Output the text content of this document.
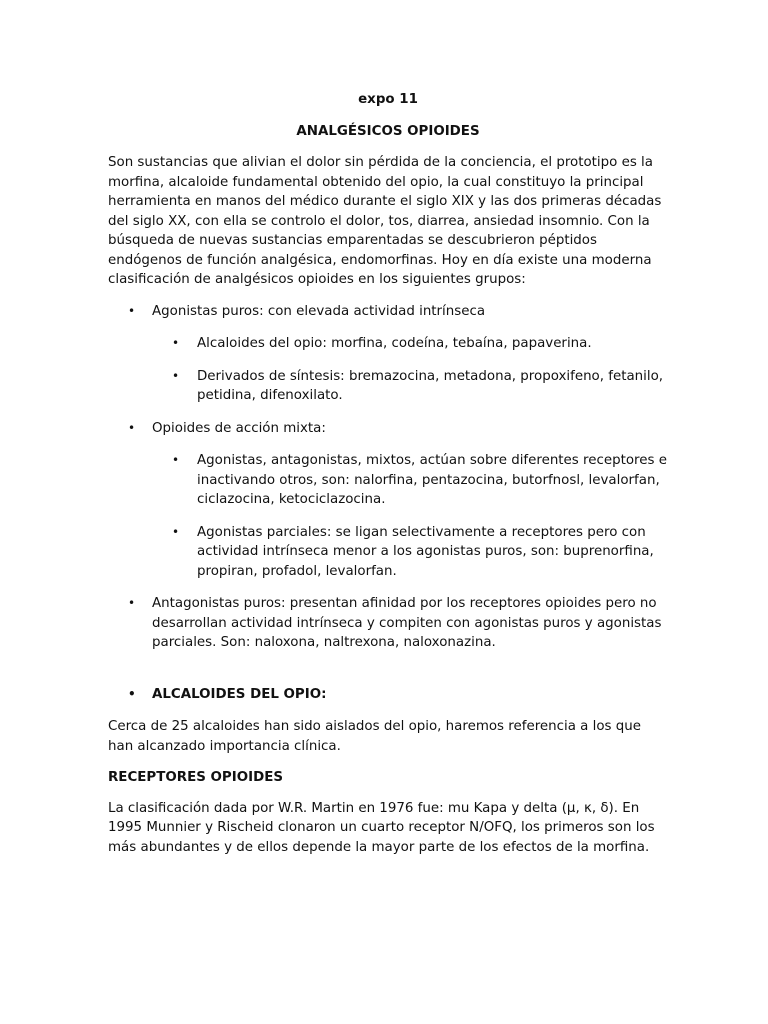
expo 11
ANALGÉSICOS OPIOIDES

Son sustancias que alivian el dolor sin pérdida de la conciencia, el prototipo es la morfina, alcaloide fundamental obtenido del opio, la cual constituyo la principal herramienta en manos del médico durante el siglo XIX y las dos primeras décadas del siglo XX, con ella se controlo el dolor, tos, diarrea, ansiedad insomnio. Con la búsqueda de nuevas sustancias emparentadas se descubrieron péptidos endógenos de función analgésica, endomorfinas. Hoy en día existe una moderna clasificación de analgésicos opioides en los siguientes grupos:

• Agonistas puros: con elevada actividad intrínseca
• Alcaloides del opio: morfina, codeína, tebaína, papaverina.
• Derivados de síntesis: bremazocina, metadona, propoxifeno, fetanilo, petidina, difenoxilato.
• Opioides de acción mixta:
• Agonistas, antagonistas, mixtos, actúan sobre diferentes receptores e inactivando otros, son: nalorfina, pentazocina, butorfnosl, levalorfan, ciclazocina, ketociclazocina.
• Agonistas parciales: se ligan selectivamente a receptores pero con actividad intrínseca menor a los agonistas puros, son: buprenorfina, propiran, profadol, levalorfan.
• Antagonistas puros: presentan afinidad por los receptores opioides pero no desarrollan actividad intrínseca y compiten con agonistas puros y agonistas parciales. Son: naloxona, naltrexona, naloxonazina.
• ALCALOIDES DEL OPIO:

Cerca de 25 alcaloides han sido aislados del opio, haremos referencia a los que han alcanzado importancia clínica.

RECEPTORES OPIOIDES

La clasificación dada por W.R. Martin en 1976 fue: mu Kapa y delta (µ, κ, δ). En 1995 Munnier y Rischeid clonaron un cuarto receptor N/OFQ, los primeros son los más abundantes y de ellos depende la mayor parte de los efectos de la morfina.
